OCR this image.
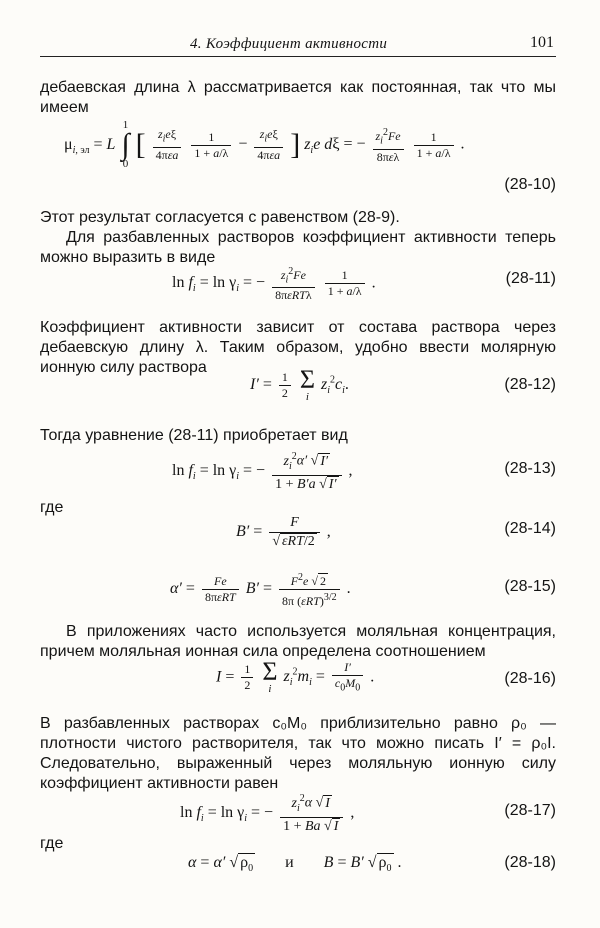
4. Коэффициент активности	101
дебаевская длина λ рассматривается как постоянная, так что мы имеем
$\mu_{i, эл} = L$
1
∫
0
[ $\frac{z_ie\xi}{\text{4πεa}}$
$\frac{1}{1 + a/\lambda} - \frac{z_ie\xi}{\text{4πεa}}$ ] $z_ie$ dξ = − $\frac{z_i^2Fe}{\text{8πελ}}$
$\frac{1}{1 + a/\lambda}$ .
(28-10)
Этот результат согласуется с равенством (28-9).
Для разбавленных растворов коэффициент активности теперь можно выразить в виде
$\ln f_i = \ln \gamma_i$ = − $\frac{z_i^2Fe}{\text{8πεRTλ}}$
$\frac{1}{1 + a/\lambda}$ .	(28-11)
Коэффициент активности зависит от состава раствора через дебаевскую длину λ. Таким образом, удобно ввести молярную ионную силу раствора
$I' = \frac{1}{2}$
Σ
i
$z_i^2c_i$.	(28-12)
Тогда уравнение (28-11) приобретает вид
$\ln f_i = \ln \gamma_i$ = − $\frac{z_i^2\alpha' √ I'}{1 + B'a √ I'}$ ,	(28-13)
где
$B' = \frac{F}{\text{√ εRT/2}}$ ,	(28-14)
$\alpha' = \frac{Fe}{\text{8πεRT}} B' = \frac{F^2e √ 2}{8\pi (\varepsilon RT)^{3/2}}$ .	(28-15)
В приложениях часто используется моляльная концентрация, причем моляльная ионная сила определена соотношением
$I = \frac{1}{2}$
Σ
i
$z_i^2m_i = \frac{I'}{c_0M_0}$ .	(28-16)
В разбавленных растворах c₀M₀ приблизительно равно ρ₀ — плотности чистого растворителя, так что можно писать I′ = ρ₀I. Следовательно, выраженный через моляльную ионную силу коэффициент активности равен
$\ln f_i = \ln \gamma_i$ = − $\frac{z_i^2\alpha √ I}{1 + Ba √ I}$ ,	(28-17)
где
α = α′ √ $\rho_0$ и B = B′ √ $\rho_0$ .	(28-18)
